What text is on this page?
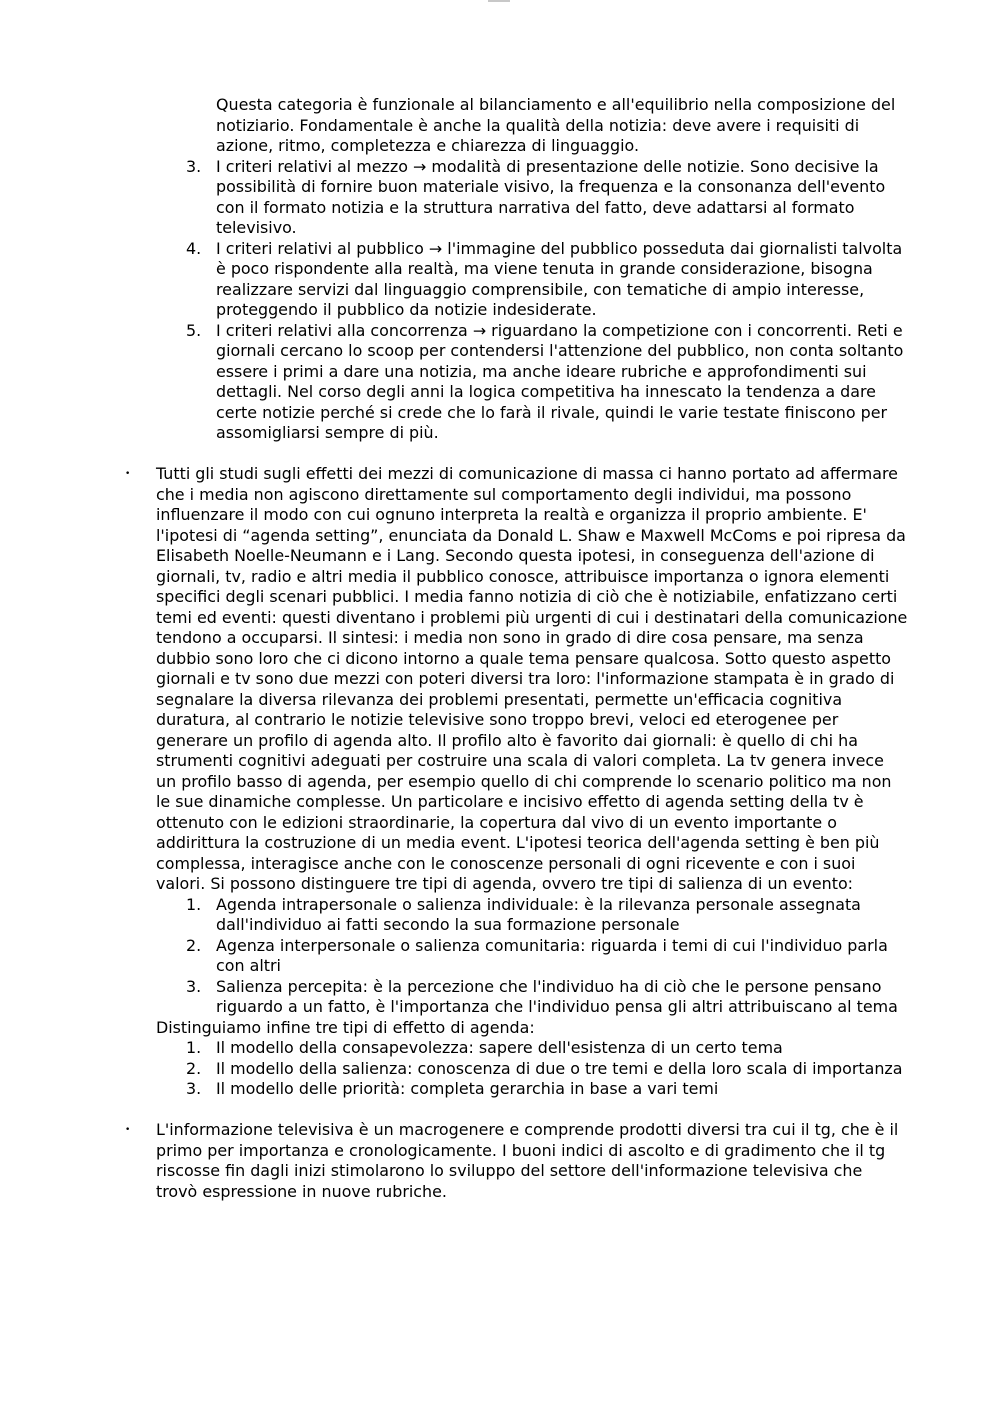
Questa categoria è funzionale al bilanciamento e all'equilibrio nella composizione del notiziario. Fondamentale è anche la qualità della notizia: deve avere i requisiti di azione, ritmo, completezza e chiarezza di linguaggio.
3. I criteri relativi al mezzo → modalità di presentazione delle notizie. Sono decisive la possibilità di fornire buon materiale visivo, la frequenza e la consonanza dell'evento con il formato notizia e la struttura narrativa del fatto, deve adattarsi al formato televisivo.
4. I criteri relativi al pubblico → l'immagine del pubblico posseduta dai giornalisti talvolta è poco rispondente alla realtà, ma viene tenuta in grande considerazione, bisogna realizzare servizi dal linguaggio comprensibile, con tematiche di ampio interesse, proteggendo il pubblico da notizie indesiderate.
5. I criteri relativi alla concorrenza → riguardano la competizione con i concorrenti. Reti e giornali cercano lo scoop per contendersi l'attenzione del pubblico, non conta soltanto essere i primi a dare una notizia, ma anche ideare rubriche e approfondimenti sui dettagli. Nel corso degli anni la logica competitiva ha innescato la tendenza a dare certe notizie perché si crede che lo farà il rivale, quindi le varie testate finiscono per assomigliarsi sempre di più.
• Tutti gli studi sugli effetti dei mezzi di comunicazione di massa ci hanno portato ad affermare che i media non agiscono direttamente sul comportamento degli individui, ma possono influenzare il modo con cui ognuno interpreta la realtà e organizza il proprio ambiente. E' l'ipotesi di “agenda setting”, enunciata da Donald L. Shaw e Maxwell McComs e poi ripresa da Elisabeth Noelle-Neumann e i Lang. Secondo questa ipotesi, in conseguenza dell'azione di giornali, tv, radio e altri media il pubblico conosce, attribuisce importanza o ignora elementi specifici degli scenari pubblici. I media fanno notizia di ciò che è notiziabile, enfatizzano certi temi ed eventi: questi diventano i problemi più urgenti di cui i destinatari della comunicazione tendono a occuparsi. Il sintesi: i media non sono in grado di dire cosa pensare, ma senza dubbio sono loro che ci dicono intorno a quale tema pensare qualcosa. Sotto questo aspetto giornali e tv sono due mezzi con poteri diversi tra loro: l'informazione stampata è in grado di segnalare la diversa rilevanza dei problemi presentati, permette un'efficacia cognitiva duratura, al contrario le notizie televisive sono troppo brevi, veloci ed eterogenee per generare un profilo di agenda alto. Il profilo alto è favorito dai giornali: è quello di chi ha strumenti cognitivi adeguati per costruire una scala di valori completa. La tv genera invece un profilo basso di agenda, per esempio quello di chi comprende lo scenario politico ma non le sue dinamiche complesse. Un particolare e incisivo effetto di agenda setting della tv è ottenuto con le edizioni straordinarie, la copertura dal vivo di un evento importante o addirittura la costruzione di un media event. L'ipotesi teorica dell'agenda setting è ben più complessa, interagisce anche con le conoscenze personali di ogni ricevente e con i suoi valori. Si possono distinguere tre tipi di agenda, ovvero tre tipi di salienza di un evento:
1. Agenda intrapersonale o salienza individuale: è la rilevanza personale assegnata dall'individuo ai fatti secondo la sua formazione personale
2. Agenza interpersonale o salienza comunitaria: riguarda i temi di cui l'individuo parla con altri
3. Salienza percepita: è la percezione che l'individuo ha di ciò che le persone pensano riguardo a un fatto, è l'importanza che l'individuo pensa gli altri attribuiscano al tema
Distinguiamo infine tre tipi di effetto di agenda:
1. Il modello della consapevolezza: sapere dell'esistenza di un certo tema
2. Il modello della salienza: conoscenza di due o tre temi e della loro scala di importanza
3. Il modello delle priorità: completa gerarchia in base a vari temi
• L'informazione televisiva è un macrogenere e comprende prodotti diversi tra cui il tg, che è il primo per importanza e cronologicamente. I buoni indici di ascolto e di gradimento che il tg riscosse fin dagli inizi stimolarono lo sviluppo del settore dell'informazione televisiva che trovò espressione in nuove rubriche.
